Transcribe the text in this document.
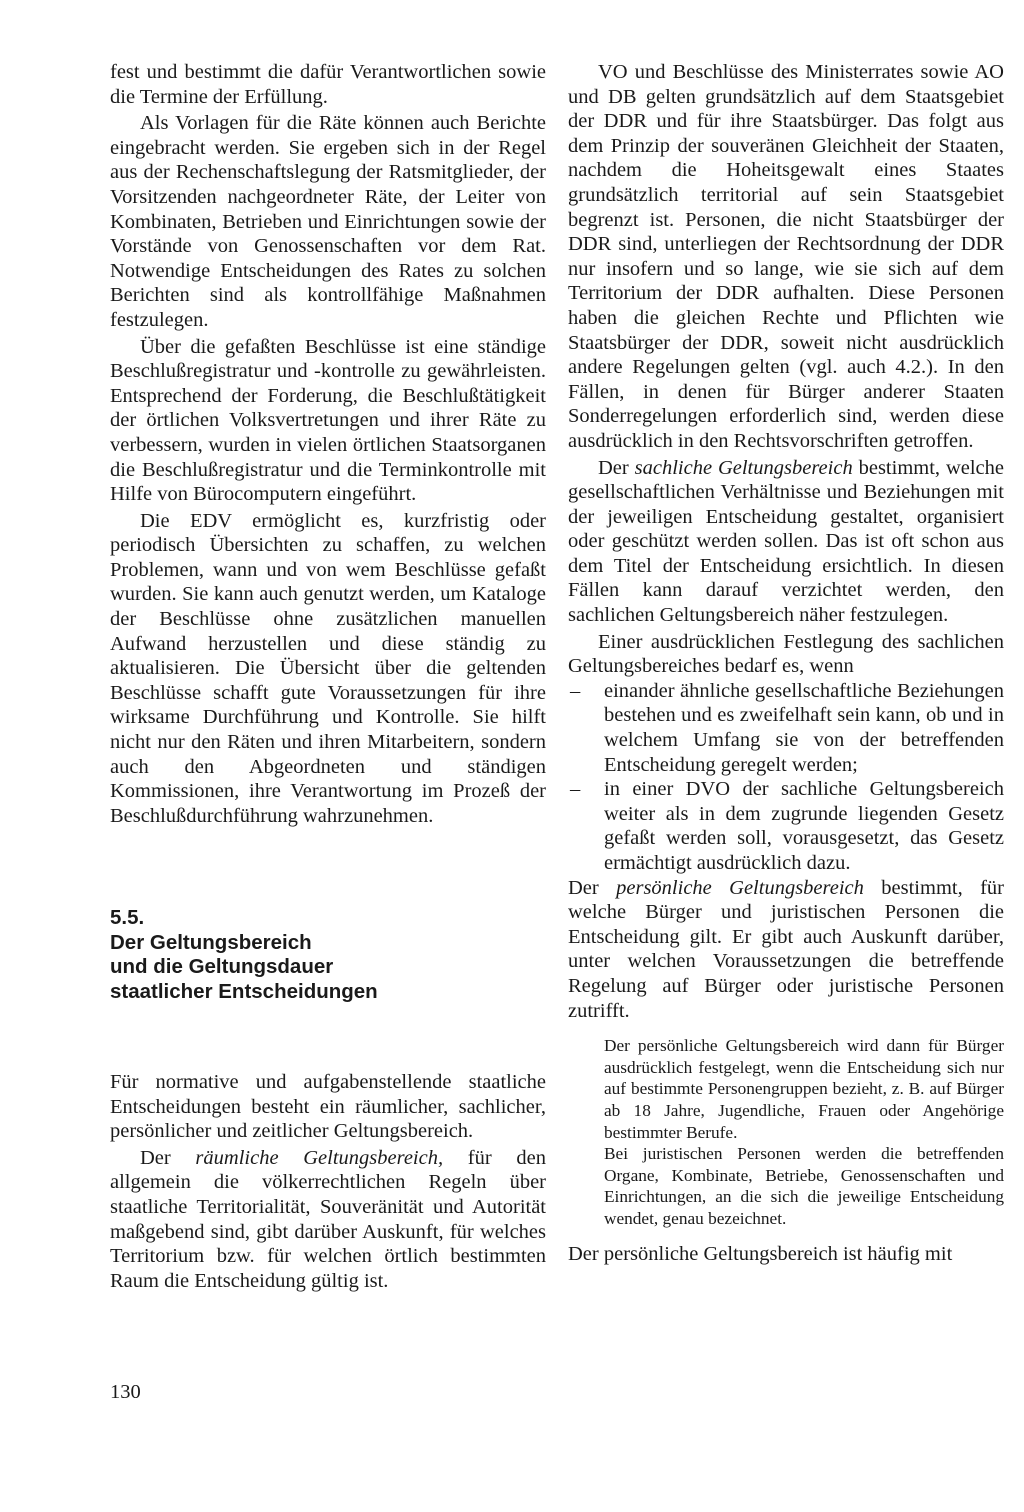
fest und bestimmt die dafür Verantwortlichen sowie die Termine der Erfüllung.

Als Vorlagen für die Räte können auch Berichte eingebracht werden. Sie ergeben sich in der Regel aus der Rechenschaftslegung der Ratsmitglieder, der Vorsitzenden nachgeordneter Räte, der Leiter von Kombinaten, Betrieben und Einrichtungen sowie der Vorstände von Genossenschaften vor dem Rat. Notwendige Entscheidungen des Rates zu solchen Berichten sind als kontrollfähige Maßnahmen festzulegen.

Über die gefaßten Beschlüsse ist eine ständige Beschlußregistratur und -kontrolle zu gewährleisten. Entsprechend der Forderung, die Beschlußtätigkeit der örtlichen Volksvertretungen und ihrer Räte zu verbessern, wurden in vielen örtlichen Staatsorganen die Beschlußregistratur und die Terminkontrolle mit Hilfe von Bürocomputern eingeführt.

Die EDV ermöglicht es, kurzfristig oder periodisch Übersichten zu schaffen, zu welchen Problemen, wann und von wem Beschlüsse gefaßt wurden. Sie kann auch genutzt werden, um Kataloge der Beschlüsse ohne zusätzlichen manuellen Aufwand herzustellen und diese ständig zu aktualisieren. Die Übersicht über die geltenden Beschlüsse schafft gute Voraussetzungen für ihre wirksame Durchführung und Kontrolle. Sie hilft nicht nur den Räten und ihren Mitarbeitern, sondern auch den Abgeordneten und ständigen Kommissionen, ihre Verantwortung im Prozeß der Beschlußdurchführung wahrzunehmen.

5.5.
Der Geltungsbereich
und die Geltungsdauer
staatlicher Entscheidungen

Für normative und aufgabenstellende staatliche Entscheidungen besteht ein räumlicher, sachlicher, persönlicher und zeitlicher Geltungsbereich.

Der räumliche Geltungsbereich, für den allgemein die völkerrechtlichen Regeln über staatliche Territorialität, Souveränität und Autorität maßgebend sind, gibt darüber Auskunft, für welches Territorium bzw. für welchen örtlich bestimmten Raum die Entscheidung gültig ist.

VO und Beschlüsse des Ministerrates sowie AO und DB gelten grundsätzlich auf dem Staatsgebiet der DDR und für ihre Staatsbürger. Das folgt aus dem Prinzip der souveränen Gleichheit der Staaten, nachdem die Hoheitsgewalt eines Staates grundsätzlich territorial auf sein Staatsgebiet begrenzt ist. Personen, die nicht Staatsbürger der DDR sind, unterliegen der Rechtsordnung der DDR nur insofern und so lange, wie sie sich auf dem Territorium der DDR aufhalten. Diese Personen haben die gleichen Rechte und Pflichten wie Staatsbürger der DDR, soweit nicht ausdrücklich andere Regelungen gelten (vgl. auch 4.2.). In den Fällen, in denen für Bürger anderer Staaten Sonderregelungen erforderlich sind, werden diese ausdrücklich in den Rechtsvorschriften getroffen.

Der sachliche Geltungsbereich bestimmt, welche gesellschaftlichen Verhältnisse und Beziehungen mit der jeweiligen Entscheidung gestaltet, organisiert oder geschützt werden sollen. Das ist oft schon aus dem Titel der Entscheidung ersichtlich. In diesen Fällen kann darauf verzichtet werden, den sachlichen Geltungsbereich näher festzulegen.

Einer ausdrücklichen Festlegung des sachlichen Geltungsbereiches bedarf es, wenn

– einander ähnliche gesellschaftliche Beziehungen bestehen und es zweifelhaft sein kann, ob und in welchem Umfang sie von der betreffenden Entscheidung geregelt werden;
– in einer DVO der sachliche Geltungsbereich weiter als in dem zugrunde liegenden Gesetz gefaßt werden soll, vorausgesetzt, das Gesetz ermächtigt ausdrücklich dazu.

Der persönliche Geltungsbereich bestimmt, für welche Bürger und juristischen Personen die Entscheidung gilt. Er gibt auch Auskunft darüber, unter welchen Voraussetzungen die betreffende Regelung auf Bürger oder juristische Personen zutrifft.

Der persönliche Geltungsbereich wird dann für Bürger ausdrücklich festgelegt, wenn die Entscheidung sich nur auf bestimmte Personengruppen bezieht, z. B. auf Bürger ab 18 Jahre, Jugendliche, Frauen oder Angehörige bestimmter Berufe.

Bei juristischen Personen werden die betreffenden Organe, Kombinate, Betriebe, Genossenschaften und Einrichtungen, an die sich die jeweilige Entscheidung wendet, genau bezeichnet.

Der persönliche Geltungsbereich ist häufig mit

130
